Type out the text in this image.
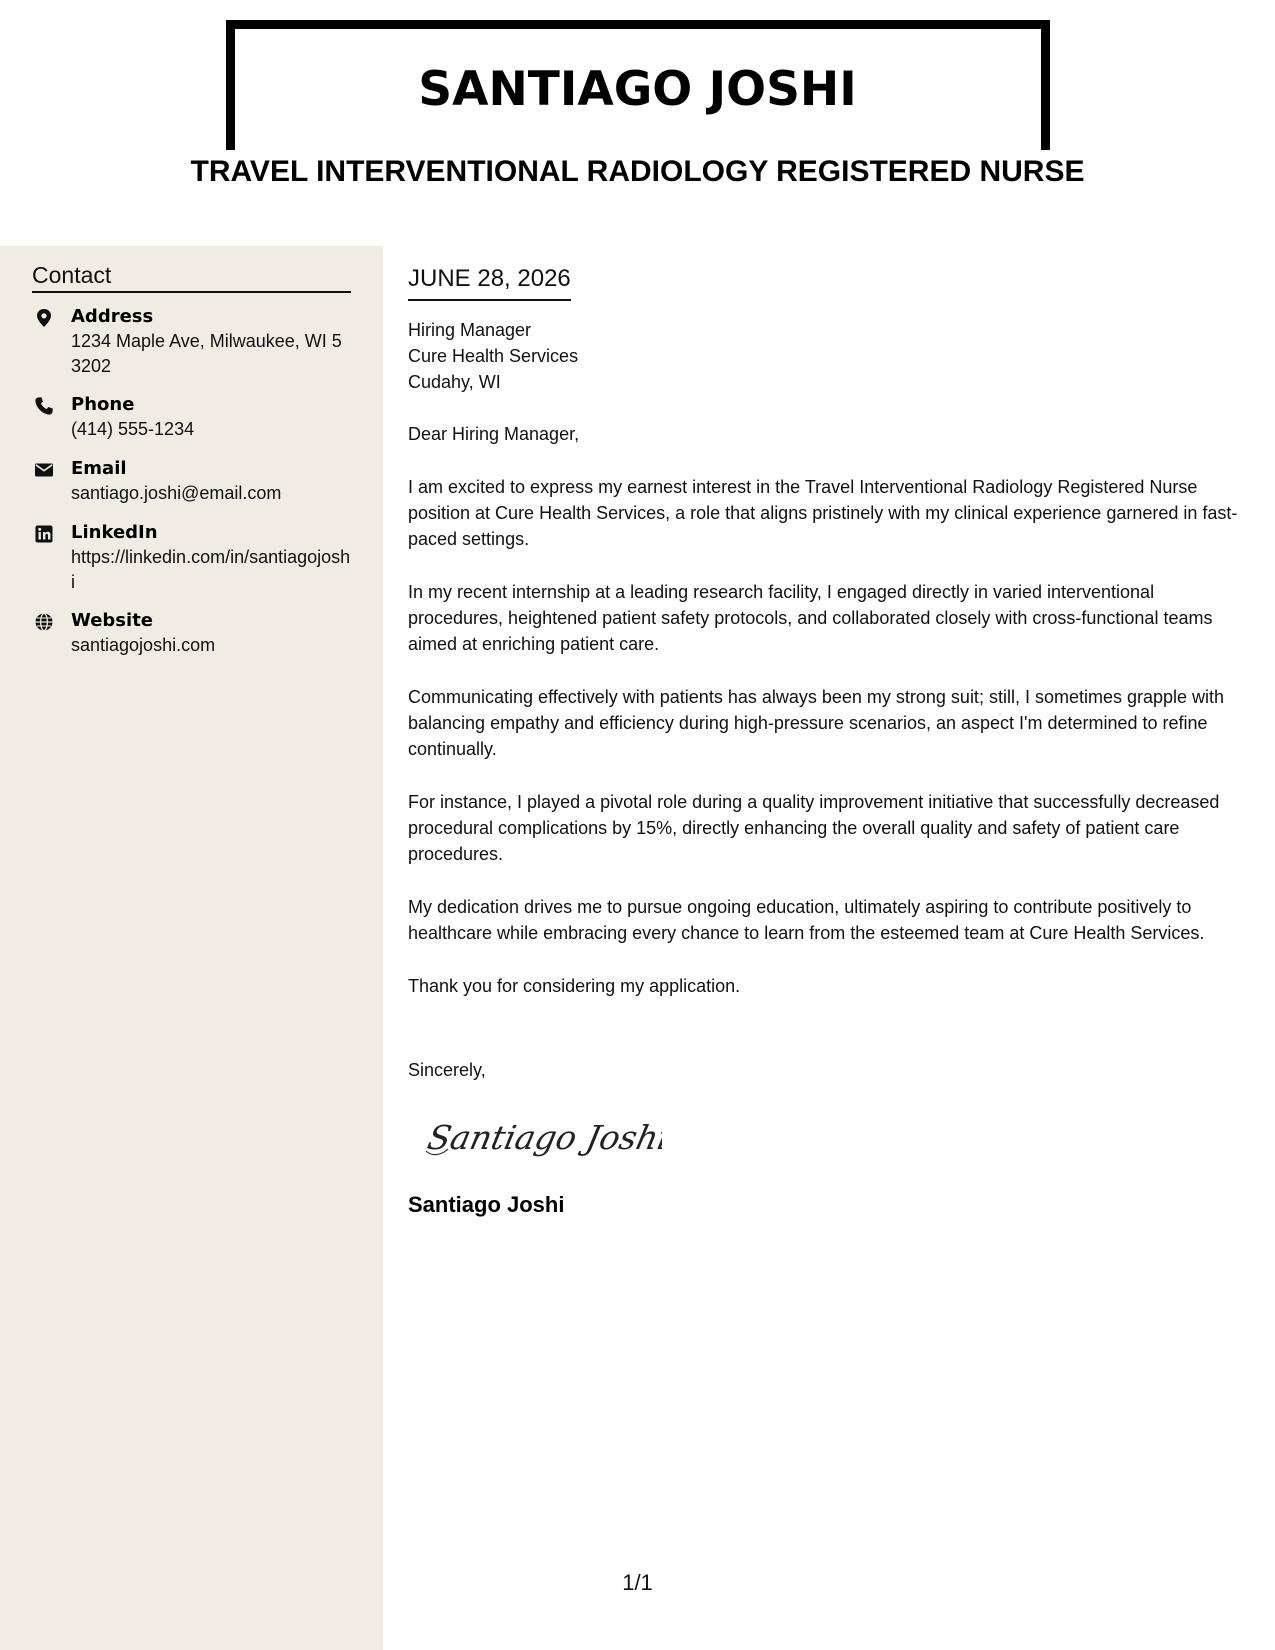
SANTIAGO JOSHI
TRAVEL INTERVENTIONAL RADIOLOGY REGISTERED NURSE
Contact
Address
1234 Maple Ave, Milwaukee, WI 53202
Phone
(414) 555-1234
Email
santiago.joshi@email.com
LinkedIn
https://linkedin.com/in/santiagojoshi
Website
santiagojoshi.com
JUNE 28, 2026
Hiring Manager
Cure Health Services
Cudahy, WI

Dear Hiring Manager,

I am excited to express my earnest interest in the Travel Interventional Radiology Registered Nurse position at Cure Health Services, a role that aligns pristinely with my clinical experience garnered in fast-paced settings.

In my recent internship at a leading research facility, I engaged directly in varied interventional procedures, heightened patient safety protocols, and collaborated closely with cross-functional teams aimed at enriching patient care.

Communicating effectively with patients has always been my strong suit; still, I sometimes grapple with balancing empathy and efficiency during high-pressure scenarios, an aspect I'm determined to refine continually.

For instance, I played a pivotal role during a quality improvement initiative that successfully decreased procedural complications by 15%, directly enhancing the overall quality and safety of patient care procedures.

My dedication drives me to pursue ongoing education, ultimately aspiring to contribute positively to healthcare while embracing every chance to learn from the esteemed team at Cure Health Services.

Thank you for considering my application.

Sincerely,

Santiago Joshi
Santiago Joshi
1/1
